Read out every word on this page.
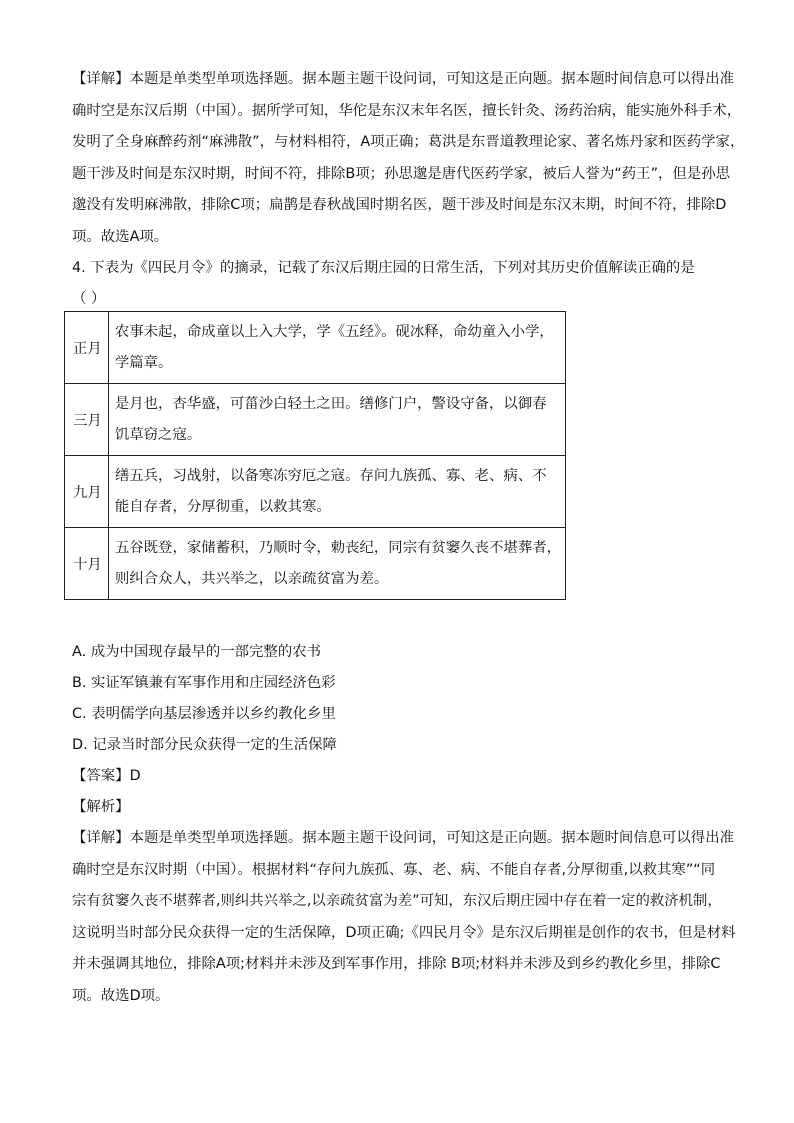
【详解】本题是单类型单项选择题。据本题主题干设问词，可知这是正向题。据本题时间信息可以得出准
确时空是东汉后期（中国）。据所学可知，华佗是东汉末年名医，擅长针灸、汤药治病，能实施外科手术，
发明了全身麻醉药剂“麻沸散”，与材料相符，A项正确；葛洪是东晋道教理论家、著名炼丹家和医药学家，
题干涉及时间是东汉时期，时间不符，排除B项；孙思邈是唐代医药学家，被后人誉为“药王”，但是孙思
邈没有发明麻沸散，排除C项；扁鹊是春秋战国时期名医，题干涉及时间是东汉末期，时间不符，排除D
项。故选A项。
4. 下表为《四民月令》的摘录，记载了东汉后期庄园的日常生活，下列对其历史价值解读正确的是
（ ）
正月	农事未起，命成童以上入大学，学《五经》。砚冰释，命幼童入小学，
学篇章。

三月	是月也，杏华盛，可菑沙白轻土之田。缮修门户，警设守备，以御春
饥草窃之寇。

九月	缮五兵，习战射，以备寒冻穷厄之寇。存问九族孤、寡、老、病、不
能自存者，分厚彻重，以救其寒。

十月	五谷既登，家储蓄积，乃顺时令，勅丧纪，同宗有贫窭久丧不堪葬者，
则纠合众人，共兴举之，以亲疏贫富为差。
A. 成为中国现存最早的一部完整的农书
B. 实证军镇兼有军事作用和庄园经济色彩
C. 表明儒学向基层渗透并以乡约教化乡里
D. 记录当时部分民众获得一定的生活保障
【答案】D
【解析】
【详解】本题是单类型单项选择题。据本题主题干设问词，可知这是正向题。据本题时间信息可以得出准
确时空是东汉时期（中国）。根据材料“存问九族孤、寡、老、病、不能自存者,分厚彻重,以救其寒”“同
宗有贫窭久丧不堪葬者,则纠共兴举之,以亲疏贫富为差”可知，东汉后期庄园中存在着一定的救济机制，
这说明当时部分民众获得一定的生活保障，D项正确;《四民月令》是东汉后期崔是创作的农书，但是材料
并未强调其地位，排除A项;材料并未涉及到军事作用，排除 B项;材料并未涉及到乡约教化乡里，排除C
项。故选D项。
